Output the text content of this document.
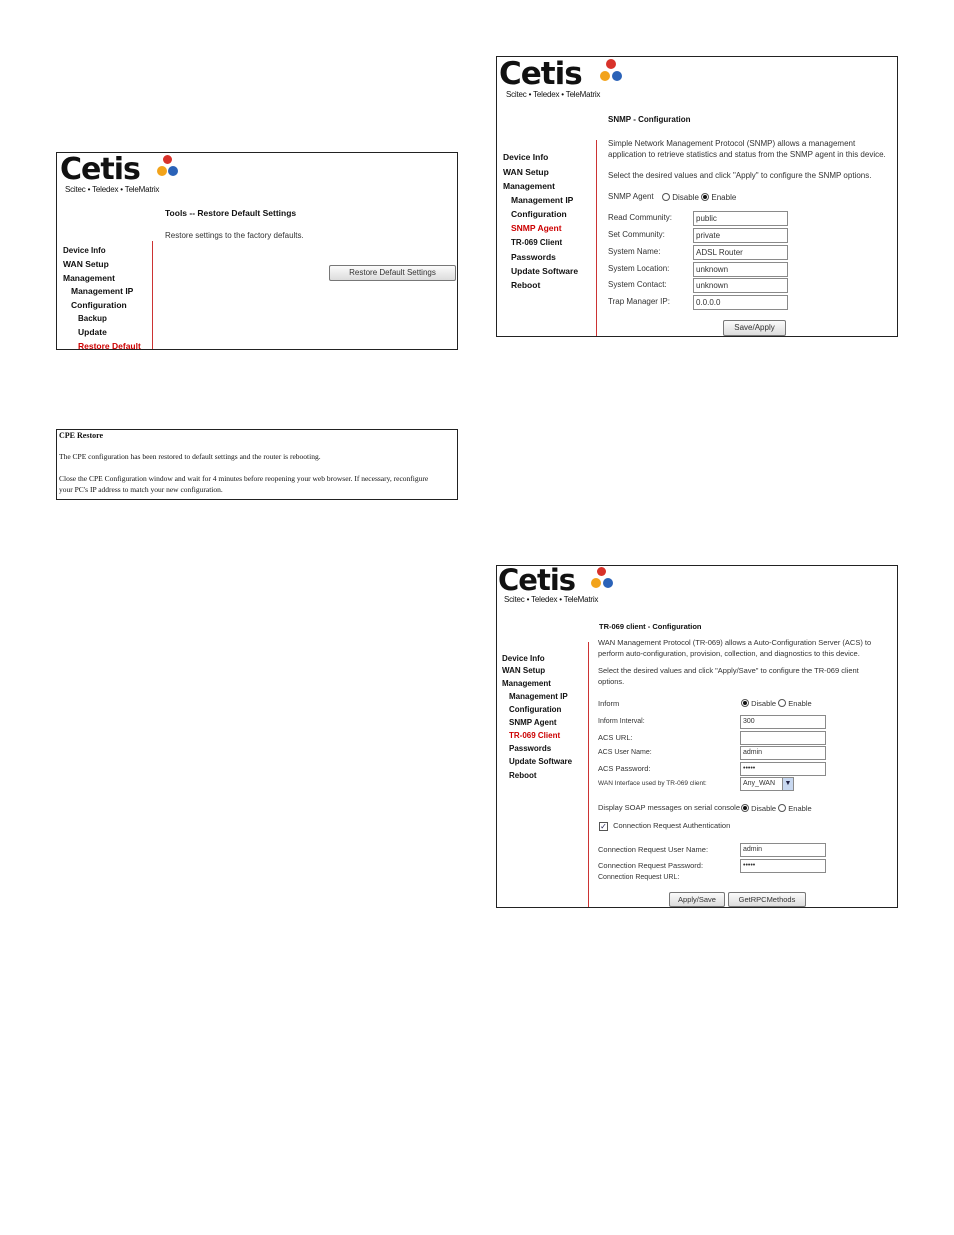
Cetis
Scitec • Teledex • TeleMatrix
Device Info
WAN Setup
Management
Management IP
Configuration
Backup
Update
Restore Default
Tools -- Restore Default Settings
Restore settings to the factory defaults.
Restore Default Settings
CPE Restore
The CPE configuration has been restored to default settings and the router is rebooting.
Close the CPE Configuration window and wait for 4 minutes before reopening your web browser. If necessary, reconfigure
your PC's IP address to match your new configuration.
Cetis
Scitec • Teledex • TeleMatrix
Device Info
WAN Setup
Management
Management IP
Configuration
SNMP Agent
TR-069 Client
Passwords
Update Software
Reboot
SNMP - Configuration
Simple Network Management Protocol (SNMP) allows a management
application to retrieve statistics and status from the SNMP agent in this device.
Select the desired values and click "Apply" to configure the SNMP options.
SNMP Agent	Disable Enable
Read Community:	public
Set Community:	private
System Name:	ADSL Router
System Location:	unknown
System Contact:	unknown
Trap Manager IP:	0.0.0.0
Save/Apply
Cetis
Scitec • Teledex • TeleMatrix
Device Info
WAN Setup
Management
Management IP
Configuration
SNMP Agent
TR-069 Client
Passwords
Update Software
Reboot
TR-069 client - Configuration
WAN Management Protocol (TR-069) allows a Auto-Configuration Server (ACS) to
perform auto-configuration, provision, collection, and diagnostics to this device.
Select the desired values and click "Apply/Save" to configure the TR-069 client
options.
Inform	Disable Enable
Inform Interval:	300
ACS URL:
ACS User Name:	admin
ACS Password:	•••••
WAN Interface used by TR-069 client:	Any_WAN	▼
Display SOAP messages on serial console	Disable Enable
✓ Connection Request Authentication
Connection Request User Name:	admin
Connection Request Password:	•••••
Connection Request URL:
Apply/Save	GetRPCMethods
